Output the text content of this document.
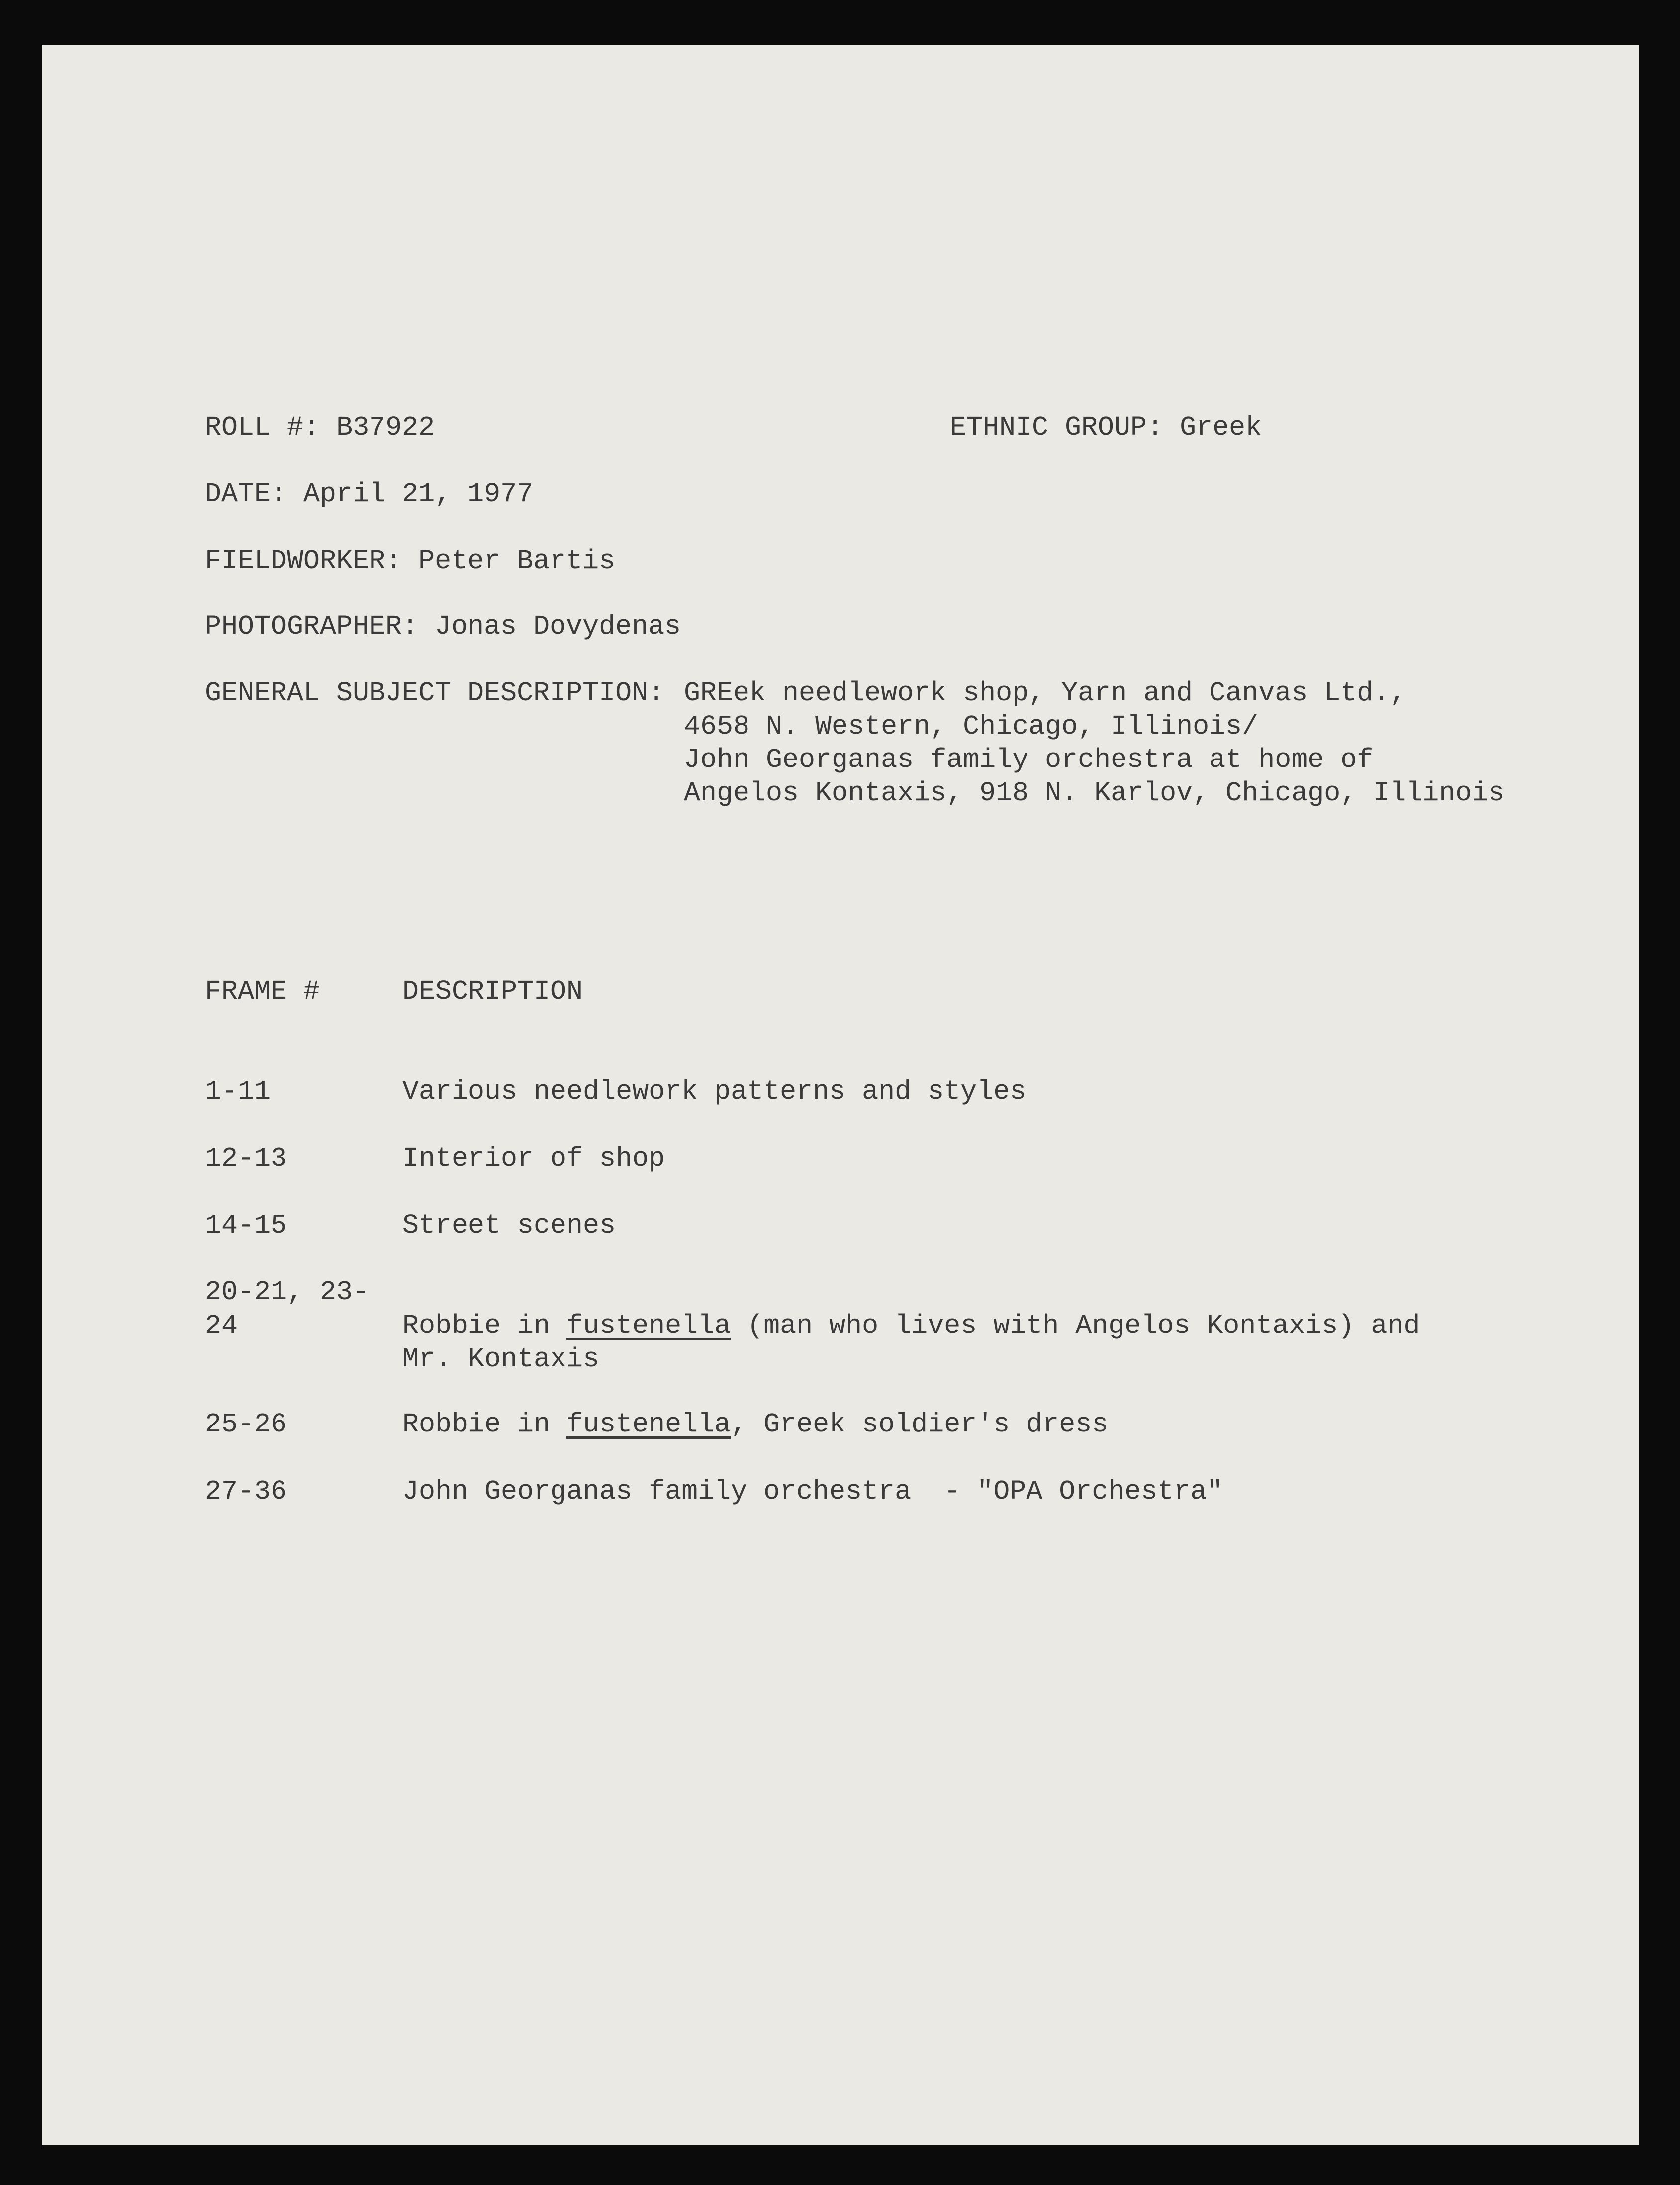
ROLL #: B37922	ETHNIC GROUP: Greek
DATE: April 21, 1977
FIELDWORKER: Peter Bartis
PHOTOGRAPHER: Jonas Dovydenas
GENERAL SUBJECT DESCRIPTION: GREek needlework shop, Yarn and Canvas Ltd.,
4658 N. Western, Chicago, Illinois/
John Georganas family orchestra at home of
Angelos Kontaxis, 918 N. Karlov, Chicago, Illinois
FRAME #	DESCRIPTION
1-11	Various needlework patterns and styles
12-13	Interior of shop
14-15	Street scenes
20-21, 23-
24	Robbie in fustenella (man who lives with Angelos Kontaxis) and
Mr. Kontaxis
25-26	Robbie in fustenella, Greek soldier's dress
27-36	John Georganas family orchestra  - "OPA Orchestra"
